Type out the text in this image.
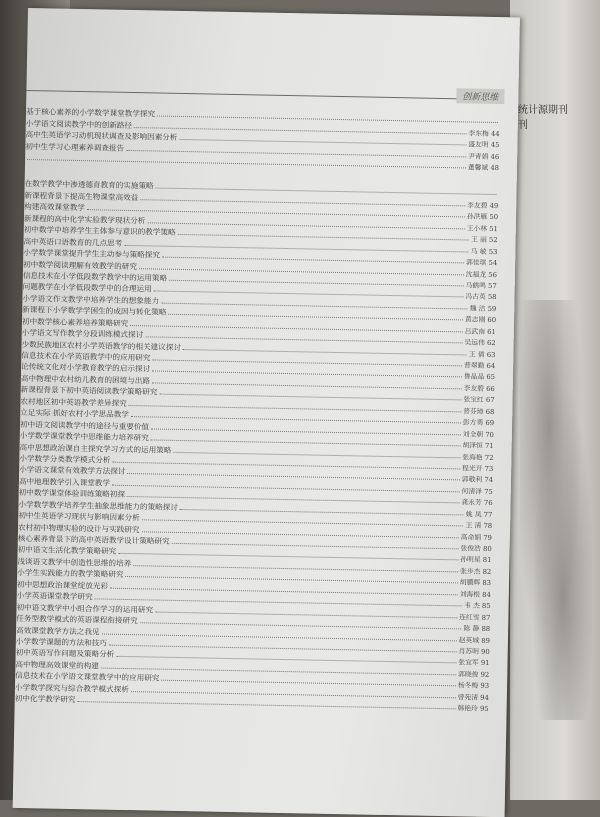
统计源期刊
刊
创新思维
基于核心素养的小学数学课堂教学探究
小学语文阅读教学中的创新路径
李东梅 44
高中生英语学习动机现状调查及影响因素分析
盛友明 45
初中生学习心理素养调查报告
尹青娟 46
董馨斌 48
在数学教学中渗透德育教育的实施策略
新课程背景下提高生物课堂高效益
李友碧 49
构建高效课堂教学
孙洪雁 50
新课程的高中化学实验教学现状分析
王小林 51
初中数学中培养学生主体参与意识的教学策略
王 丽 52
高中英语口语教育的几点思考
马 敏 53
小学数学课堂提升学生主动参与策略探究
郭佳琪 54
初中数学阅读理解有效教学的研究
沈福龙 56
信息技术在小学低段数学教学中的运用策略
马鹤鸣 57
问题教学在小学低段数学中的合理运用
冯古英 58
小学语文作文教学中培养学生的想象能力
魏 洁 59
新课程下小学数学学困生的成因与转化策略
黄志刚 60
初中数学核心素养培养策略研究
吕武南 61
小学语文写作教学分段训练模式探讨
吴远伟 62
少数民族地区农村小学英语教学的相关建议探讨
王 倩 63
信息技术在小学英语教学中的应用研究
普翠勤 64
论传统文化对小学教育教学的启示探讨
鲁晶晶 65
高中物理中农村幼儿教育的困境与出路
李友碧 66
新课程背景下初中英语阅读教学策略研究
张宝红 67
农村地区初中英语教学差异探究
普芬璋 68
立足实际 抓好农村小学思品教学
彭方勇 69
初中语文阅读教学中的途径与重要价值
刘全朝 70
小学数学课堂教学中思维能力培养研究
胡泽恒 71
高中思想政治课自主探究学习方式的运用策略
张海艳 72
小学数学分类教学模式分析
程光开 73
小学语文课堂有效教学方法探讨
郭敬利 74
高中地理教学引入课堂教学
何清泽 75
初中数学课堂体验训练策略初探
龚永芳 76
小学数学教学培养学生抽象思维能力的策略探讨
姚 凤 77
初中生英语学习现状与影响因素分析
王 清 78
农村初中物理实验的设计与实践研究
高命娟 79
核心素养背景下的高中英语教学设计策略研究
张俊浩 80
初中语文生活化教学策略研究
孙明星 81
浅谈语文教学中创造性思维的培养
张步杰 82
小学生实践能力的教学策略研究
胡鹏辉 83
初中思想政治课堂绽放光彩
刘海根 84
小学英语课堂教学研究
韦 杰 85
初中语文教学中小组合作学习的运用研究
连红雪 87
任务型教学模式的英语课程衔接研究
陈 静 88
高效课堂教学方法之我见
赵英城 89
小学数学课题的方法和技巧
肖苏明 90
初中英语写作问题及策略分析
张宜军 91
高中物理高效课堂的构建
郭晓俊 92
信息技术在小学语文课堂教学中的应用研究
杨冬梅 93
小学数学探究与综合教学模式探析
曾苑清 94
初中化学教学研究
韩艳玲 95
